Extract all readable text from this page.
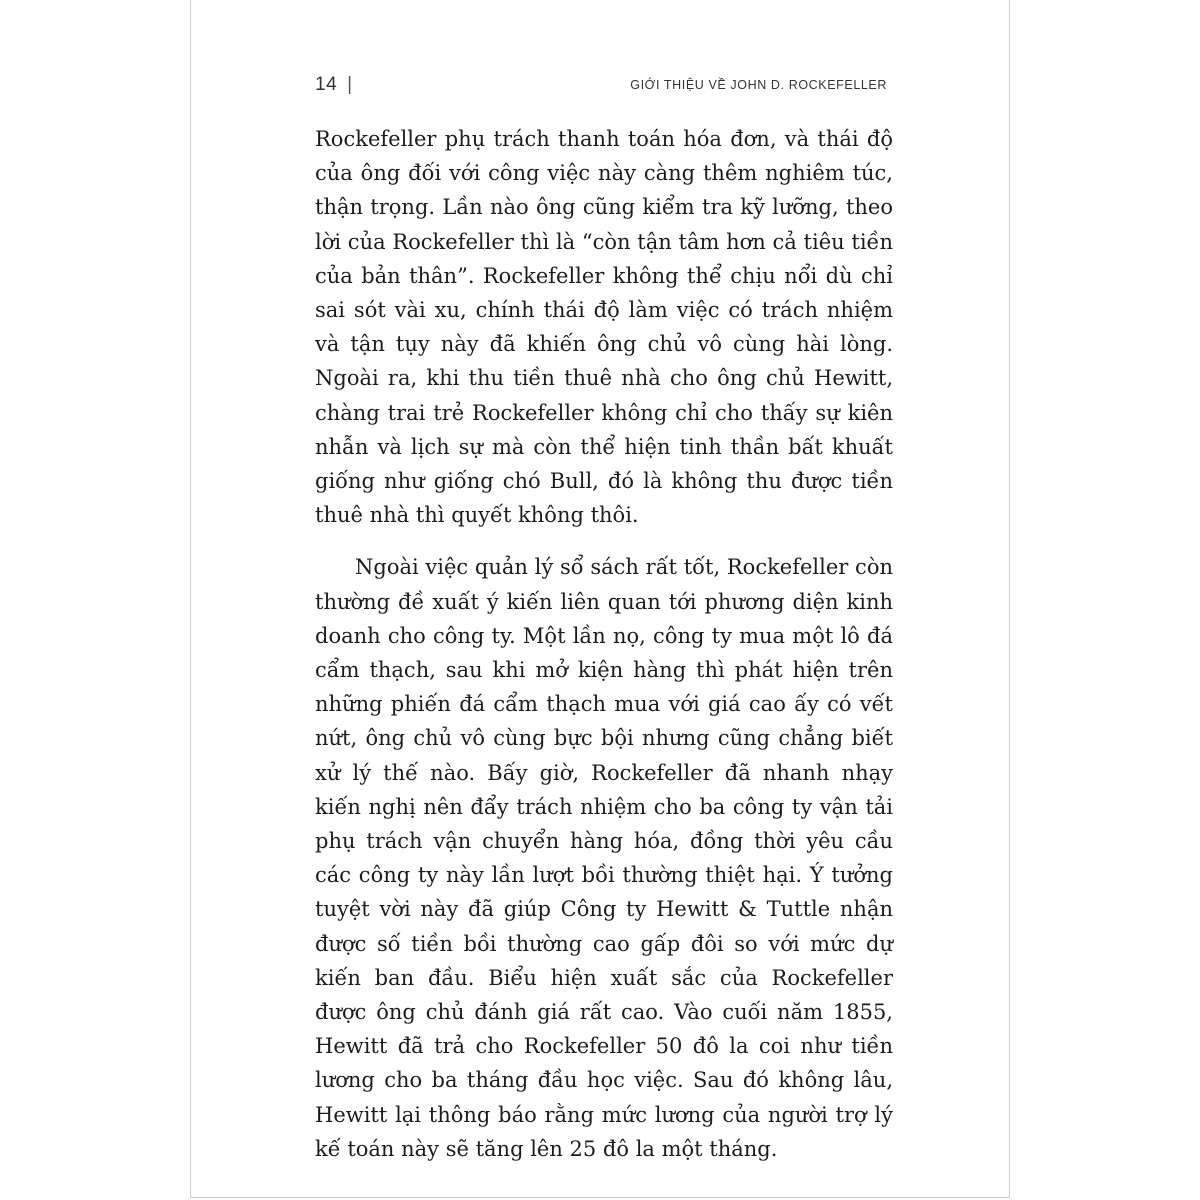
14 |	GIỚI THIỆU VỀ JOHN D. ROCKEFELLER

Rockefeller phụ trách thanh toán hóa đơn, và thái độ của ông đối với công việc này càng thêm nghiêm túc, thận trọng. Lần nào ông cũng kiểm tra kỹ lưỡng, theo lời của Rockefeller thì là “còn tận tâm hơn cả tiêu tiền của bản thân”. Rockefeller không thể chịu nổi dù chỉ sai sót vài xu, chính thái độ làm việc có trách nhiệm và tận tụy này đã khiến ông chủ vô cùng hài lòng. Ngoài ra, khi thu tiền thuê nhà cho ông chủ Hewitt, chàng trai trẻ Rockefeller không chỉ cho thấy sự kiên nhẫn và lịch sự mà còn thể hiện tinh thần bất khuất giống như giống chó Bull, đó là không thu được tiền thuê nhà thì quyết không thôi.

Ngoài việc quản lý sổ sách rất tốt, Rockefeller còn thường đề xuất ý kiến liên quan tới phương diện kinh doanh cho công ty. Một lần nọ, công ty mua một lô đá cẩm thạch, sau khi mở kiện hàng thì phát hiện trên những phiến đá cẩm thạch mua với giá cao ấy có vết nứt, ông chủ vô cùng bực bội nhưng cũng chẳng biết xử lý thế nào. Bấy giờ, Rockefeller đã nhanh nhạy kiến nghị nên đẩy trách nhiệm cho ba công ty vận tải phụ trách vận chuyển hàng hóa, đồng thời yêu cầu các công ty này lần lượt bồi thường thiệt hại. Ý tưởng tuyệt vời này đã giúp Công ty Hewitt & Tuttle nhận được số tiền bồi thường cao gấp đôi so với mức dự kiến ban đầu. Biểu hiện xuất sắc của Rockefeller được ông chủ đánh giá rất cao. Vào cuối năm 1855, Hewitt đã trả cho Rockefeller 50 đô la coi như tiền lương cho ba tháng đầu học việc. Sau đó không lâu, Hewitt lại thông báo rằng mức lương của người trợ lý kế toán này sẽ tăng lên 25 đô la một tháng.
